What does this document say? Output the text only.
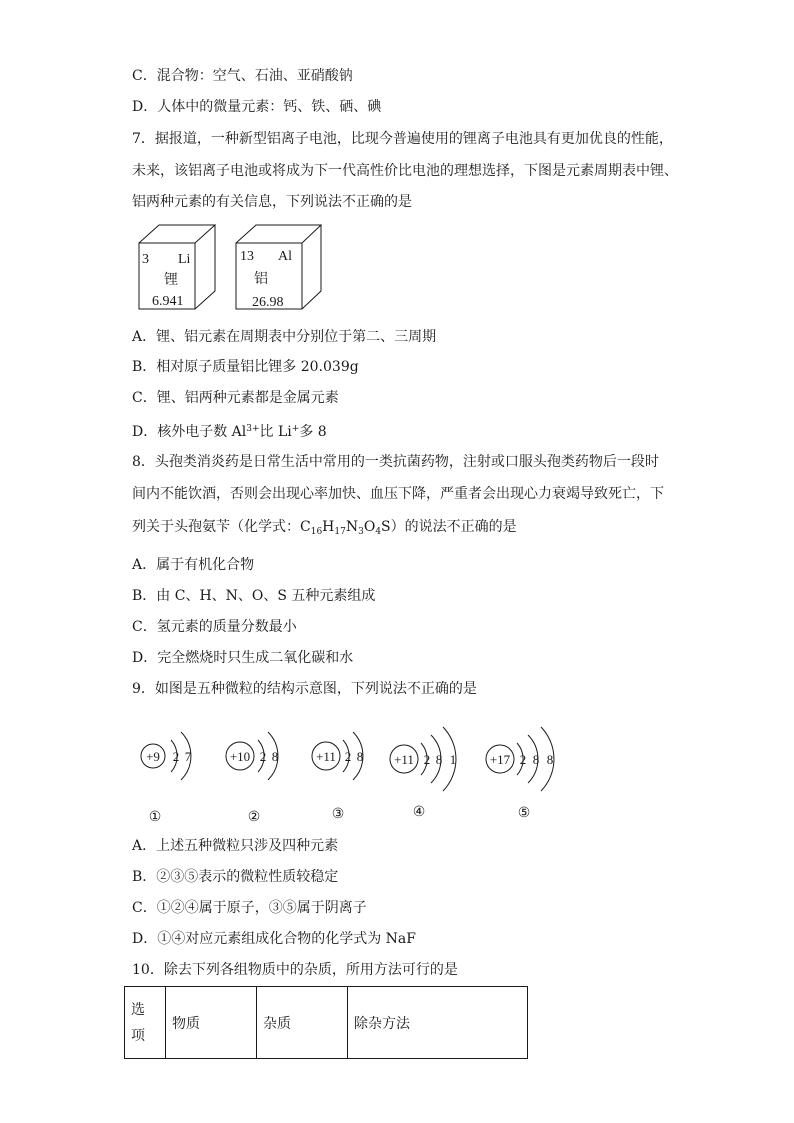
C．混合物：空气、石油、亚硝酸钠
D．人体中的微量元素：钙、铁、硒、碘
7．据报道，一种新型铝离子电池，比现今普遍使用的锂离子电池具有更加优良的性能，
未来，该铝离子电池或将成为下一代高性价比电池的理想选择，下图是元素周期表中锂、
铝两种元素的有关信息，下列说法不正确的是
3 Li
锂
6.941
13 Al
铝
26.98
A．锂、铝元素在周期表中分别位于第二、三周期
B．相对原子质量铝比锂多 20.039g
C．锂、铝两种元素都是金属元素
D．核外电子数 $Al^{3+}$比 Li+多 8
8．头孢类消炎药是日常生活中常用的一类抗菌药物，注射或口服头孢类药物后一段时
间内不能饮酒，否则会出现心率加快、血压下降，严重者会出现心力衰竭导致死亡，下
列关于头孢氨苄（化学式：$C_{16}H_{17}N_3O_4S$）的说法不正确的是
A．属于有机化合物
B．由 C、H、N、O、S 五种元素组成
C．氢元素的质量分数最小
D．完全燃烧时只生成二氧化碳和水
9．如图是五种微粒的结构示意图，下列说法不正确的是
+9 2 7
①
+10 2 8
②
+11 2 8
③
+11 2 8 1
④
+17 2 8 8
⑤
A．上述五种微粒只涉及四种元素
B．②③⑤表示的微粒性质较稳定
C．①②④属于原子，③⑤属于阴离子
D．①④对应元素组成化合物的化学式为 NaF
10．除去下列各组物质中的杂质，所用方法可行的是
选项	物质	杂质	除杂方法
